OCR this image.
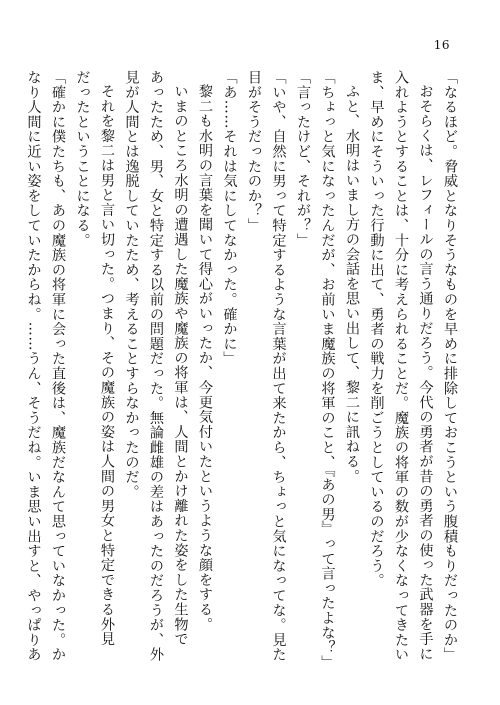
16
「なるほど。脅威となりそうなものを早めに排除しておこうという腹積もりだったのか」
おそらくは、レフィールの言う通りだろう。今代の勇者が昔の勇者の使った武器を手に
入れようとすることは、十分に考えられることだ。魔族の将軍の数が少なくなってきたい
ま、早めにそういった行動に出て、勇者の戦力を削ごうとしているのだろう。
ふと、水明はいまし方の会話を思い出して、黎二に訊ねる。
「ちょっと気になったんだが、お前いま魔族の将軍のこと、『あの男』って言ったよな？」
「言ったけど、それが？」
「いや、自然に男って特定するような言葉が出て来たから、ちょっと気になってな。見た
目がそうだったのか？」
「あ……それは気にしてなかった。確かに」
黎二も水明の言葉を聞いて得心がいったか、今更気付いたというような顔をする。
いまのところ水明の遭遇した魔族や魔族の将軍は、人間とかけ離れた姿をした生物で
あったため、男、女と特定する以前の問題だった。無論雌雄の差はあったのだろうが、外
見が人間とは逸脱していたため、考えることすらなかったのだ。
それを黎二は男と言い切った。つまり、その魔族の姿は人間の男女と特定できる外見
だったということになる。
「確かに僕たちも、あの魔族の将軍に会った直後は、魔族だなんて思っていなかった。か
なり人間に近い姿をしていたからね。……うん、そうだね。いま思い出すと、やっぱりあ
